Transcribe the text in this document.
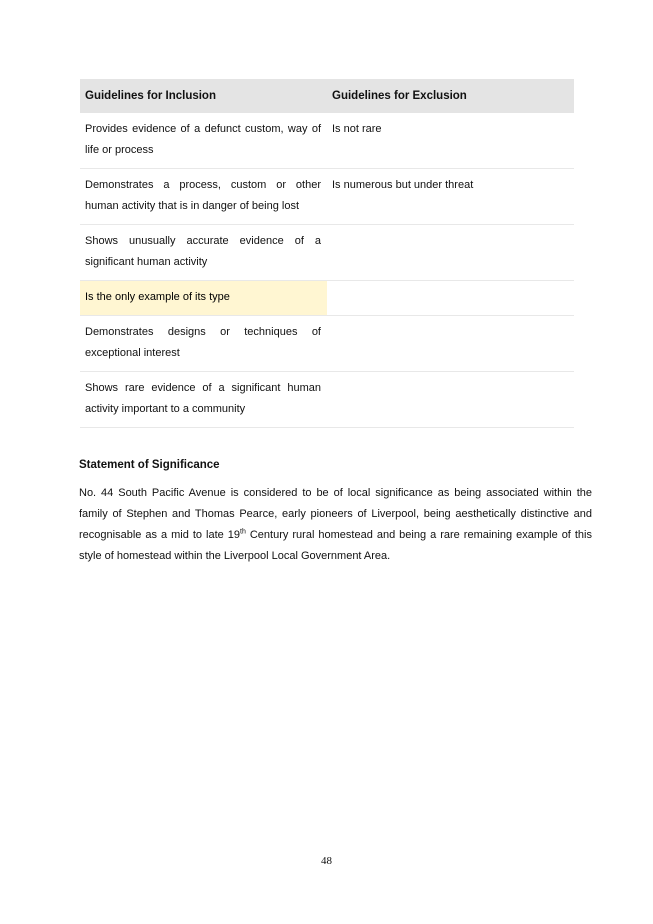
Guidelines for Inclusion	Guidelines for Exclusion
Provides evidence of a defunct custom, way of life or process	Is not rare
Demonstrates a process, custom or other human activity that is in danger of being lost	Is numerous but under threat
Shows unusually accurate evidence of a significant human activity	
Is the only example of its type	
Demonstrates designs or techniques of exceptional interest	
Shows rare evidence of a significant human activity important to a community	
Statement of Significance

No. 44 South Pacific Avenue is considered to be of local significance as being associated within the family of Stephen and Thomas Pearce, early pioneers of Liverpool, being aesthetically distinctive and recognisable as a mid to late 19th Century rural homestead and being a rare remaining example of this style of homestead within the Liverpool Local Government Area.

48
